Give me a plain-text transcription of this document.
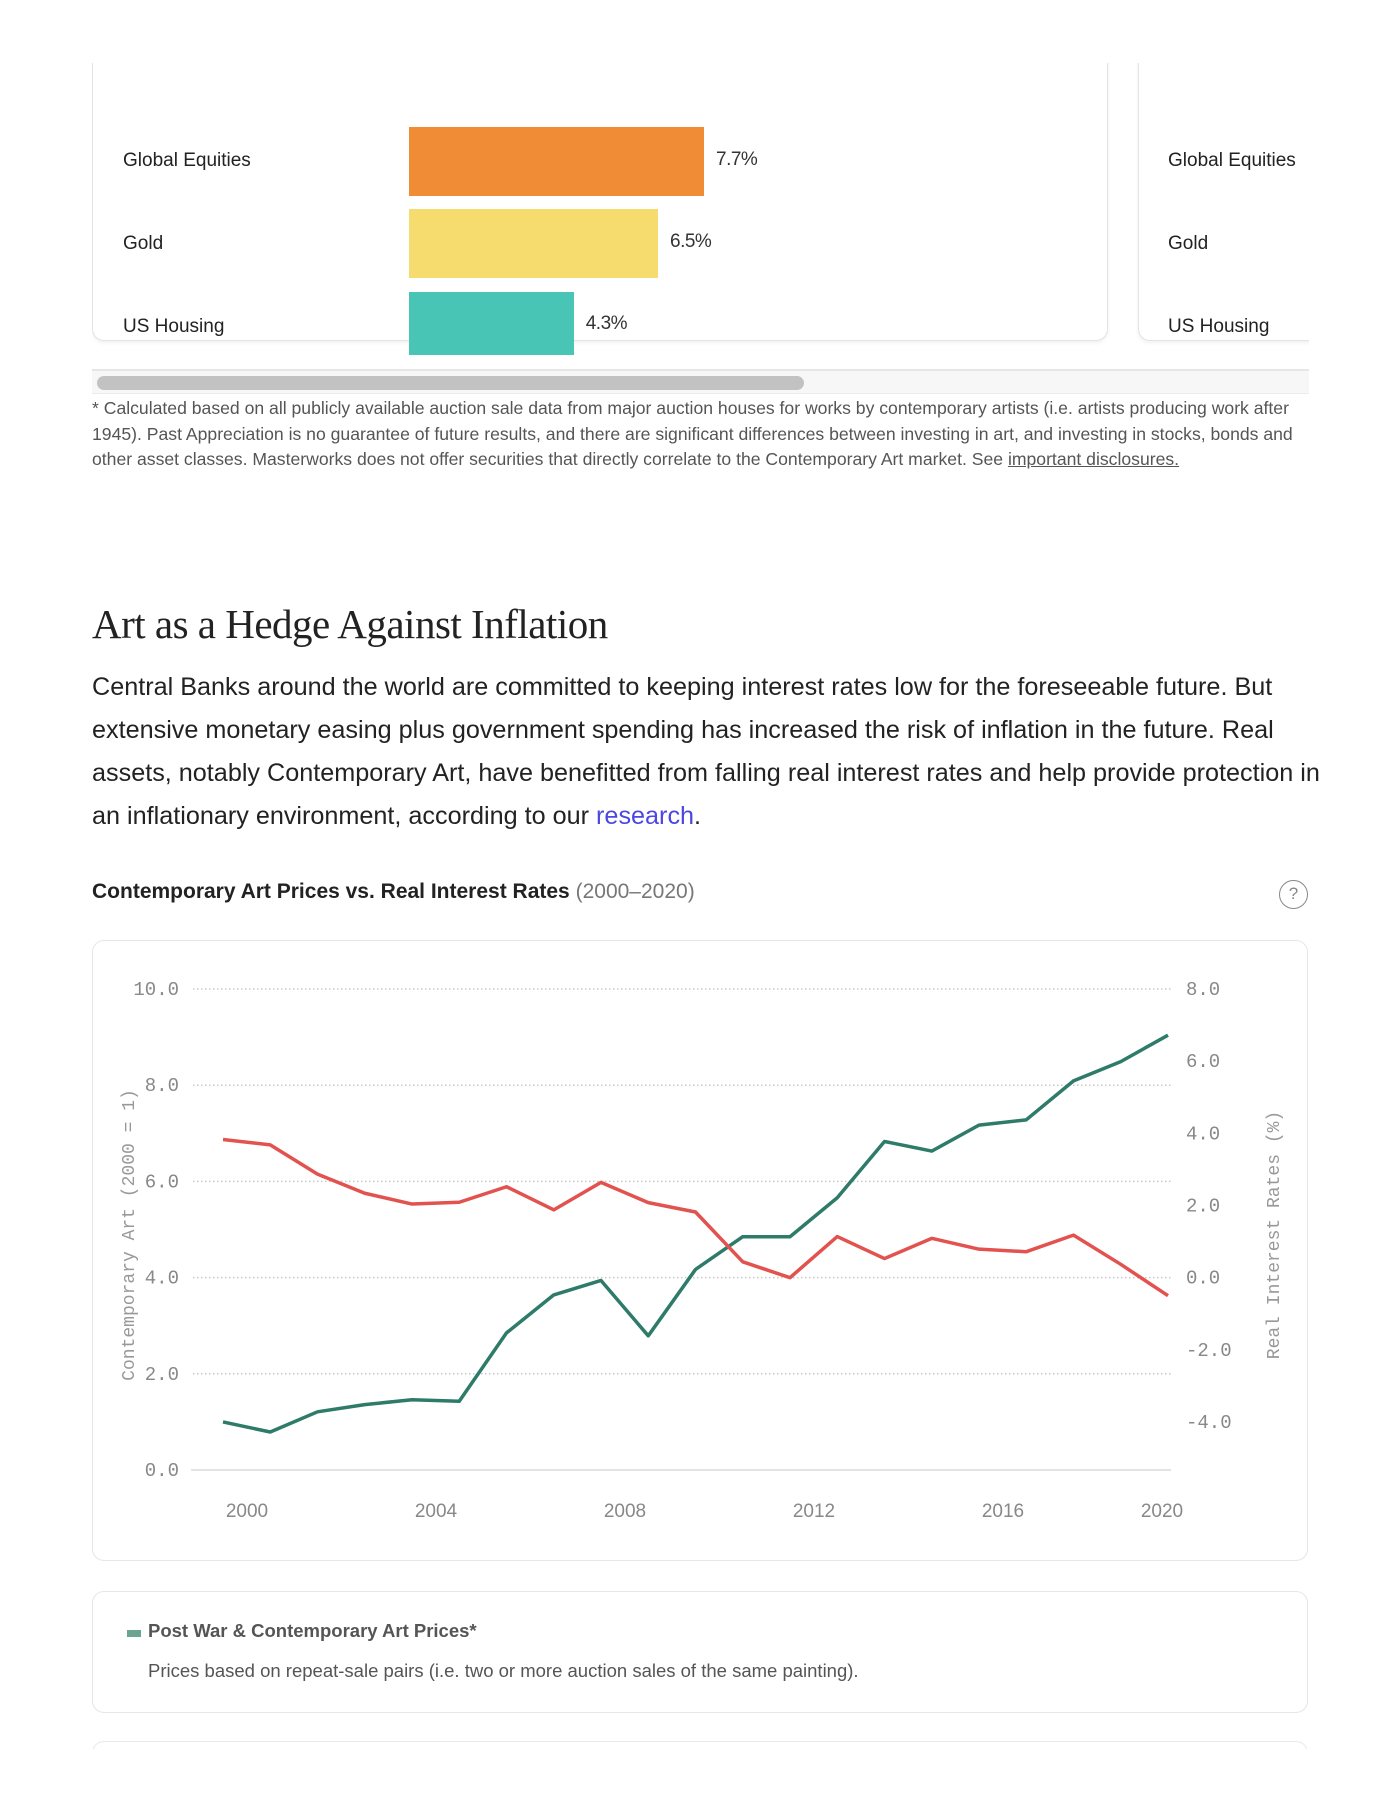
Global Equities
Gold
US Housing
7.7%
6.5%
4.3%
Global Equities
Gold
US Housing

* Calculated based on all publicly available auction sale data from major auction houses for works by contemporary artists (i.e. artists producing work after 1945). Past Appreciation is no guarantee of future results, and there are significant differences between investing in art, and investing in stocks, bonds and other asset classes. Masterworks does not offer securities that directly correlate to the Contemporary Art market. See important disclosures.

Art as a Hedge Against Inflation

Central Banks around the world are committed to keeping interest rates low for the foreseeable future. But extensive monetary easing plus government spending has increased the risk of inflation in the future. Real assets, notably Contemporary Art, have benefitted from falling real interest rates and help provide protection in an inflationary environment, according to our research.

Contemporary Art Prices vs. Real Interest Rates (2000–2020)	?
0.0
2.0
4.0
6.0
8.0
10.0
-4.0
-2.0
0.0
2.0
4.0
6.0
8.0
2000	2004	2008	2012	2016	2020
Contemporary Art (2000 = 1)	Real Interest Rates (%)
Post War & Contemporary Art Prices*
Prices based on repeat-sale pairs (i.e. two or more auction sales of the same painting).
